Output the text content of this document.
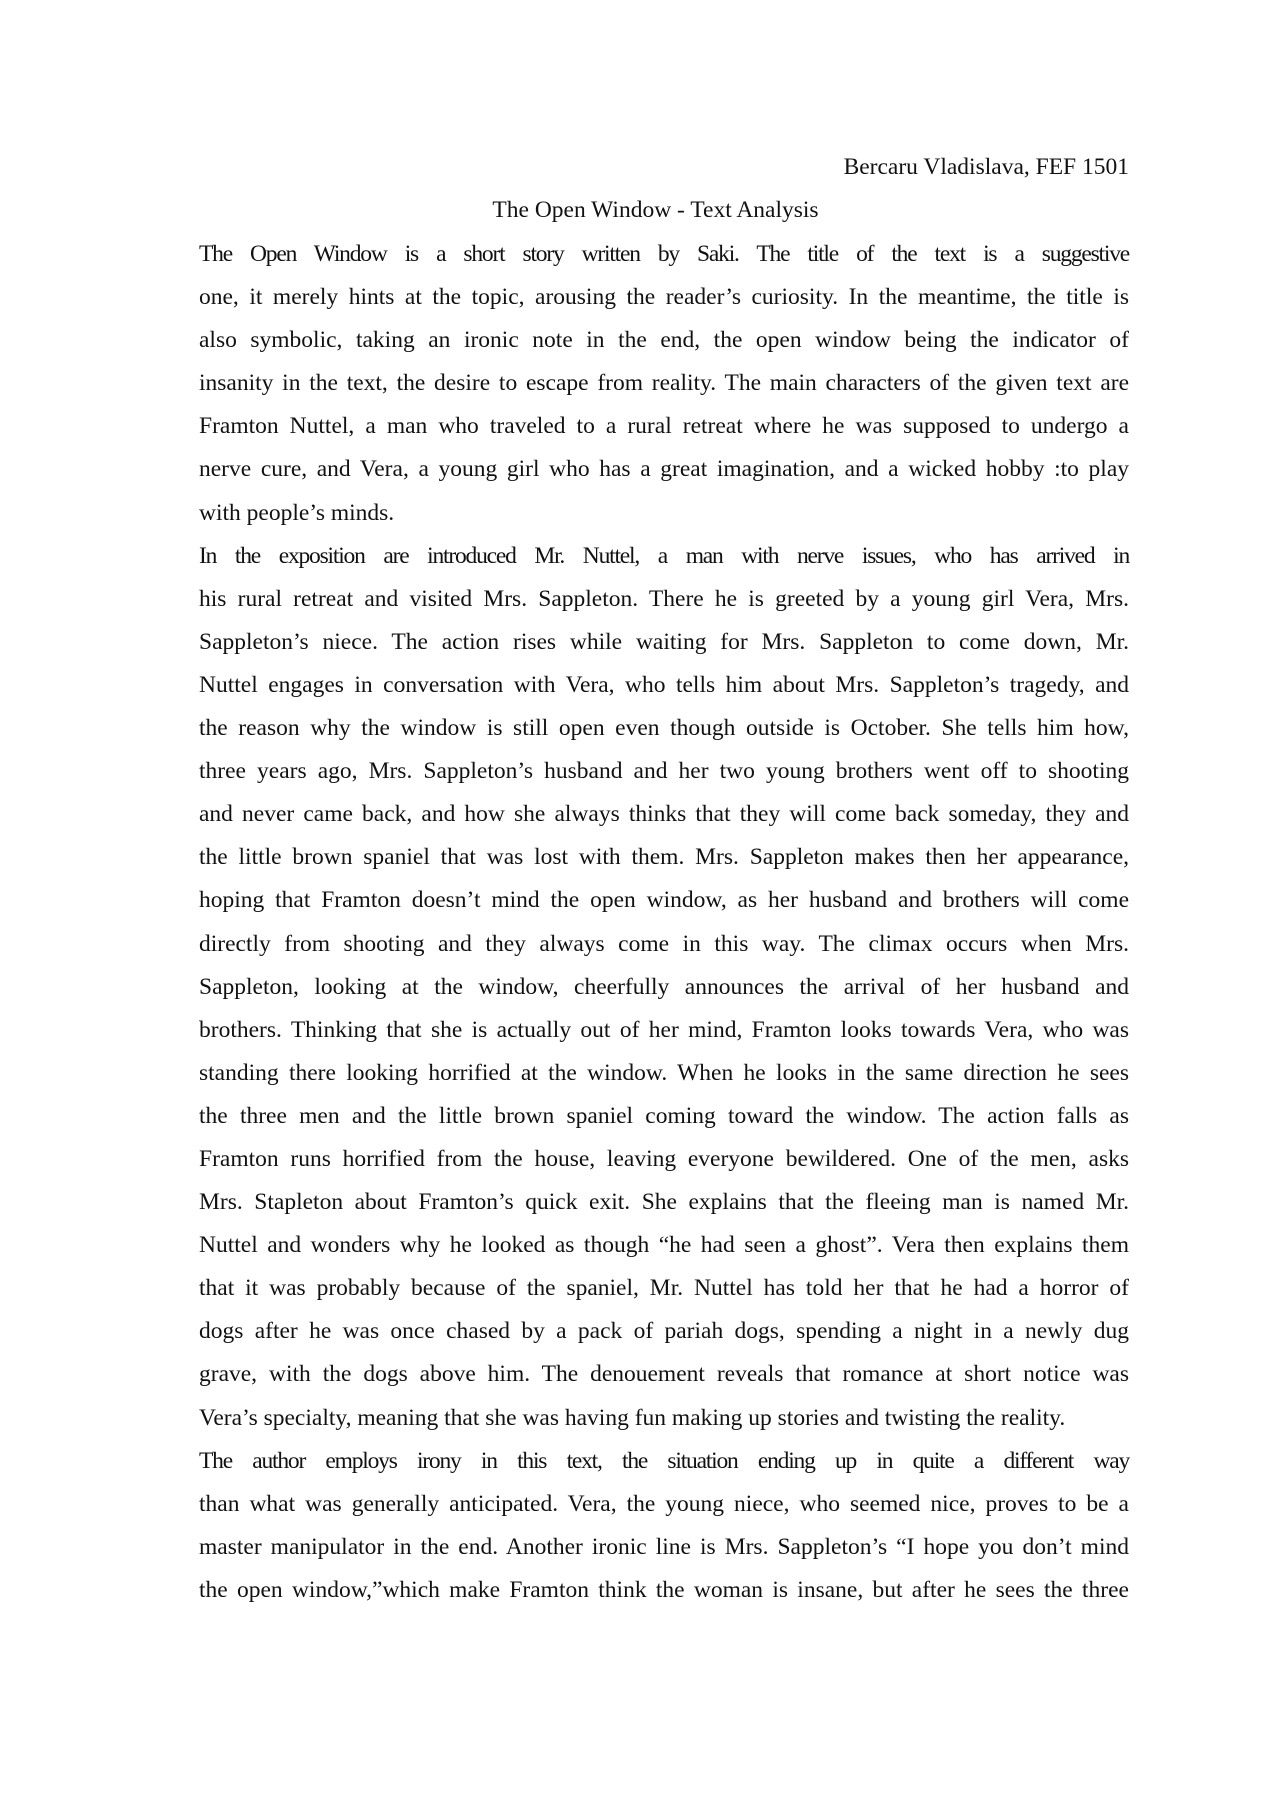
Bercaru Vladislava, FEF 1501

The Open Window - Text Analysis

The Open Window is a short story written by Saki. The title of the text is a suggestive
one, it merely hints at the topic, arousing the reader’s curiosity. In the meantime, the title is
also symbolic, taking an ironic note in the end, the open window being the indicator of
insanity in the text, the desire to escape from reality. The main characters of the given text are
Framton Nuttel, a man who traveled to a rural retreat where he was supposed to undergo a
nerve cure, and Vera, a young girl who has a great imagination, and a wicked hobby :to play
with people’s minds.

In the exposition are introduced Mr. Nuttel, a man with nerve issues, who has arrived in
his rural retreat and visited Mrs. Sappleton. There he is greeted by a young girl Vera, Mrs.
Sappleton’s niece. The action rises while waiting for Mrs. Sappleton to come down, Mr.
Nuttel engages in conversation with Vera, who tells him about Mrs. Sappleton’s tragedy, and
the reason why the window is still open even though outside is October. She tells him how,
three years ago, Mrs. Sappleton’s husband and her two young brothers went off to shooting
and never came back, and how she always thinks that they will come back someday, they and
the little brown spaniel that was lost with them. Mrs. Sappleton makes then her appearance,
hoping that Framton doesn’t mind the open window, as her husband and brothers will come
directly from shooting and they always come in this way. The climax occurs when Mrs.
Sappleton, looking at the window, cheerfully announces the arrival of her husband and
brothers. Thinking that she is actually out of her mind, Framton looks towards Vera, who was
standing there looking horrified at the window. When he looks in the same direction he sees
the three men and the little brown spaniel coming toward the window. The action falls as
Framton runs horrified from the house, leaving everyone bewildered. One of the men, asks
Mrs. Stapleton about Framton’s quick exit. She explains that the fleeing man is named Mr.
Nuttel and wonders why he looked as though “he had seen a ghost”. Vera then explains them
that it was probably because of the spaniel, Mr. Nuttel has told her that he had a horror of
dogs after he was once chased by a pack of pariah dogs, spending a night in a newly dug
grave, with the dogs above him. The denouement reveals that romance at short notice was
Vera’s specialty, meaning that she was having fun making up stories and twisting the reality.

The author employs irony in this text, the situation ending up in quite a different way
than what was generally anticipated. Vera, the young niece, who seemed nice, proves to be a
master manipulator in the end. Another ironic line is Mrs. Sappleton’s “I hope you don’t mind
the open window,”which make Framton think the woman is insane, but after he sees the three
